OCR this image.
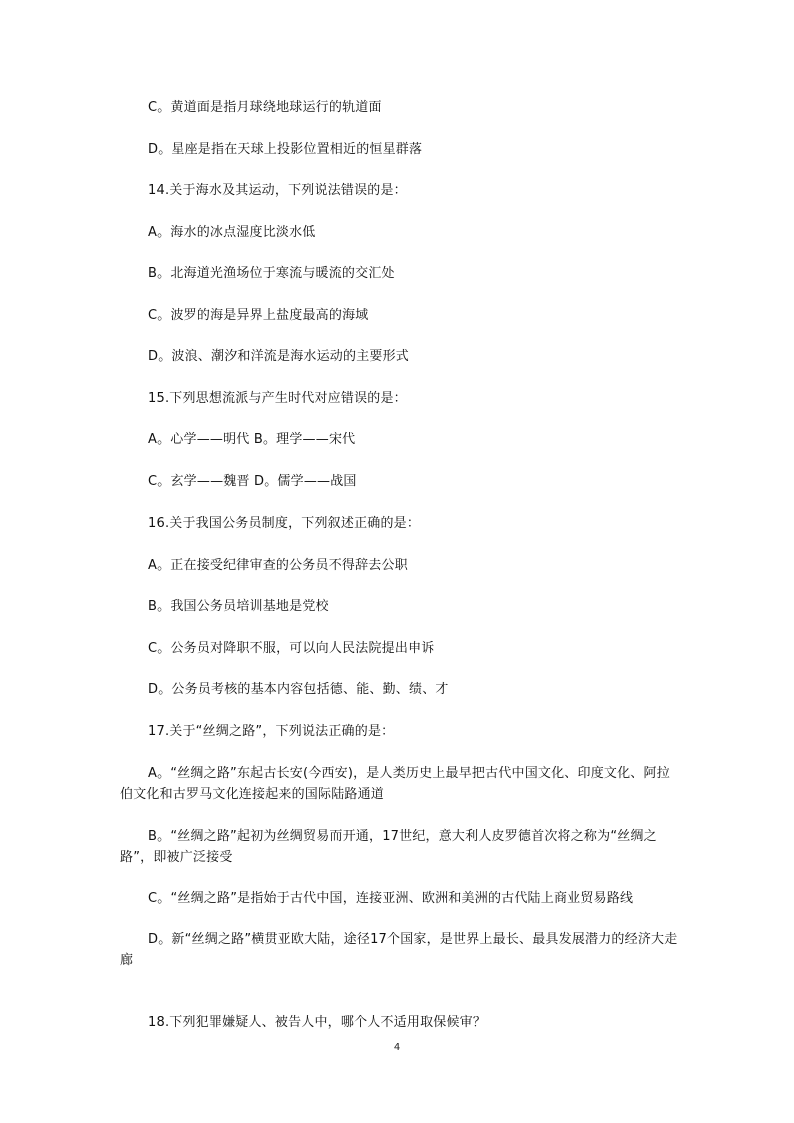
C。黄道面是指月球绕地球运行的轨道面
D。星座是指在天球上投影位置相近的恒星群落
14.关于海水及其运动，下列说法错误的是：
A。海水的冰点湿度比淡水低
B。北海道光渔场位于寒流与暖流的交汇处
C。波罗的海是异界上盐度最高的海域
D。波浪、潮汐和洋流是海水运动的主要形式
15.下列思想流派与产生时代对应错误的是：
A。心学——明代 B。理学——宋代
C。玄学——魏晋 D。儒学——战国
16.关于我国公务员制度，下列叙述正确的是：
A。正在接受纪律审查的公务员不得辞去公职
B。我国公务员培训基地是党校
C。公务员对降职不服，可以向人民法院提出申诉
D。公务员考核的基本内容包括德、能、勤、绩、才
17.关于“丝绸之路”，下列说法正确的是：
A。“丝绸之路”东起古长安(今西安)，是人类历史上最早把古代中国文化、印度文化、阿拉伯文化和古罗马文化连接起来的国际陆路通道
B。“丝绸之路”起初为丝绸贸易而开通，17世纪，意大利人皮罗德首次将之称为“丝绸之路”，即被广泛接受
C。“丝绸之路”是指始于古代中国，连接亚洲、欧洲和美洲的古代陆上商业贸易路线
D。新“丝绸之路”横贯亚欧大陆，途径17个国家，是世界上最长、最具发展潜力的经济大走廊
18.下列犯罪嫌疑人、被告人中，哪个人不适用取保候审？
4
